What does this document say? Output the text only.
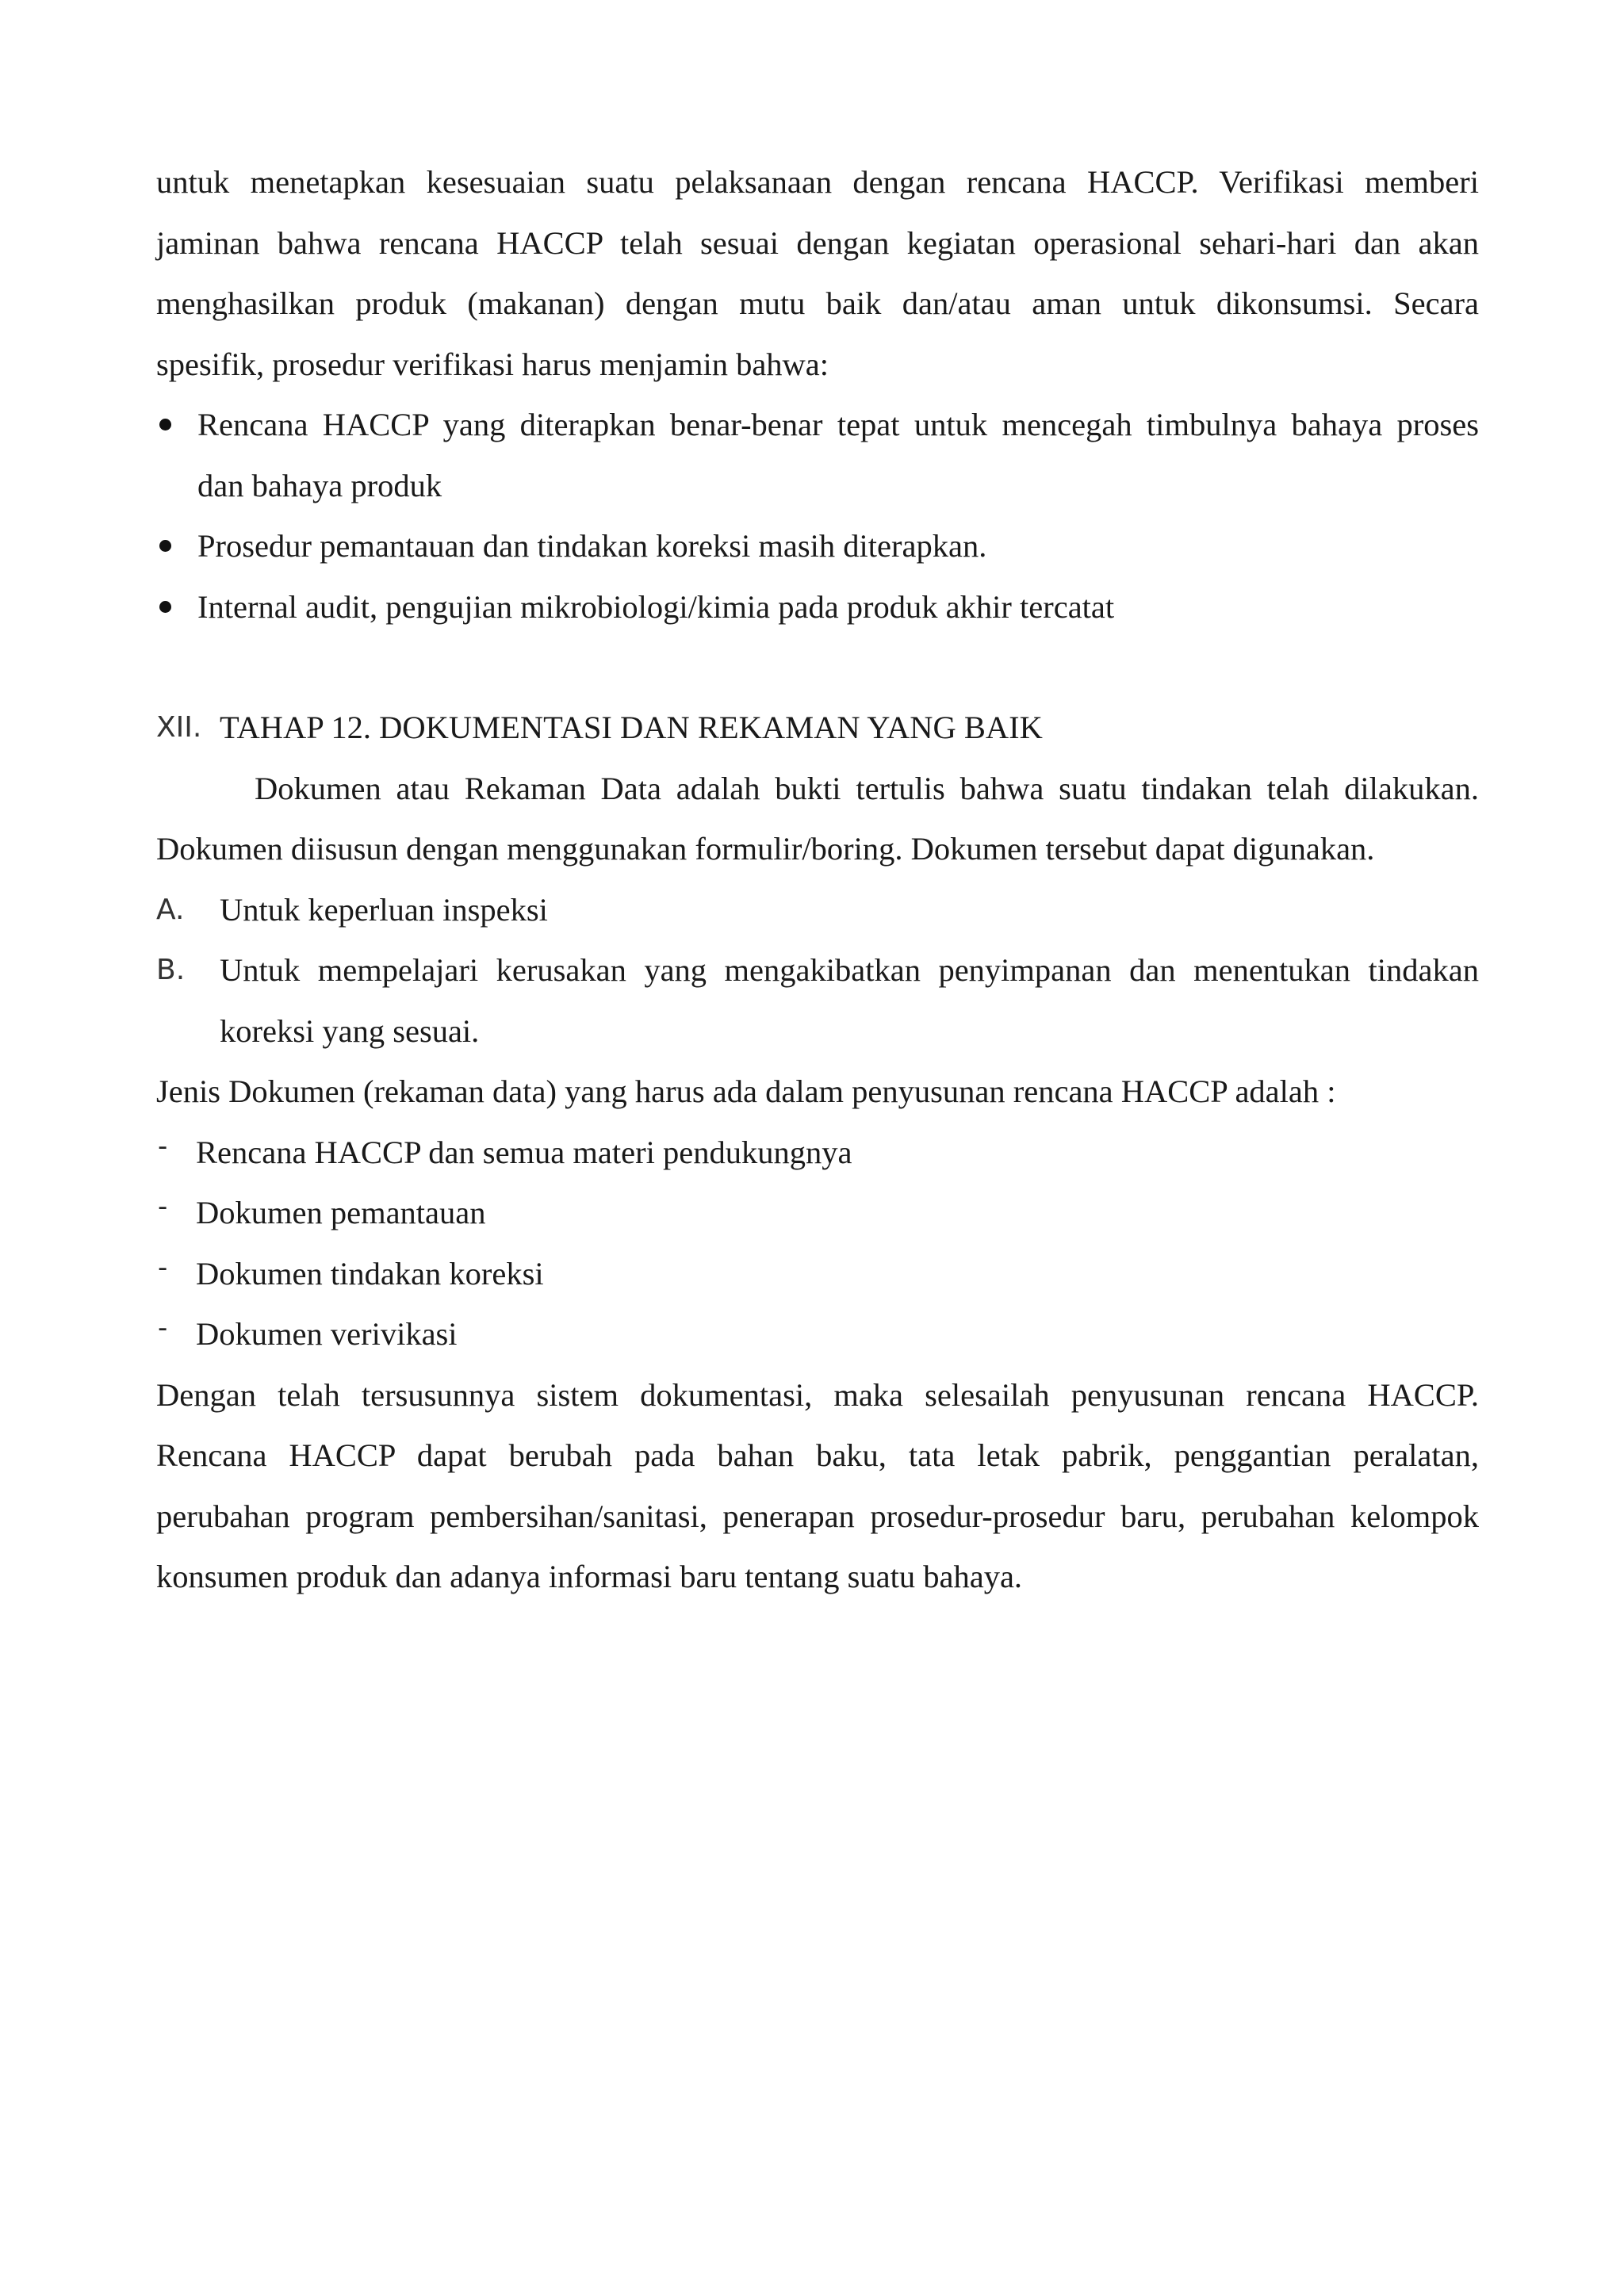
untuk menetapkan kesesuaian suatu pelaksanaan dengan rencana HACCP. Verifikasi memberi

jaminan bahwa rencana HACCP telah sesuai dengan kegiatan operasional sehari-hari dan akan

menghasilkan produk (makanan) dengan mutu baik dan/atau aman untuk dikonsumsi. Secara

spesifik, prosedur verifikasi harus menjamin bahwa:

Rencana HACCP yang diterapkan benar-benar tepat untuk mencegah timbulnya bahaya proses

dan bahaya produk

Prosedur pemantauan dan tindakan koreksi masih diterapkan.

Internal audit, pengujian mikrobiologi/kimia pada produk akhir tercatat

XII. TAHAP 12. DOKUMENTASI DAN REKAMAN YANG BAIK

Dokumen atau Rekaman Data adalah bukti tertulis bahwa suatu tindakan telah dilakukan.

Dokumen diisusun dengan menggunakan formulir/boring. Dokumen tersebut dapat digunakan.

A. Untuk keperluan inspeksi

B. Untuk mempelajari kerusakan yang mengakibatkan penyimpanan dan menentukan tindakan

koreksi yang sesuai.

Jenis Dokumen (rekaman data) yang harus ada dalam penyusunan rencana HACCP adalah :

- Rencana HACCP dan semua materi pendukungnya
- Dokumen pemantauan
- Dokumen tindakan koreksi
- Dokumen verivikasi

Dengan telah tersusunnya sistem dokumentasi, maka selesailah penyusunan rencana HACCP.

Rencana HACCP dapat berubah pada bahan baku, tata letak pabrik, penggantian peralatan,

perubahan program pembersihan/sanitasi, penerapan prosedur-prosedur baru, perubahan kelompok

konsumen produk dan adanya informasi baru tentang suatu bahaya.
